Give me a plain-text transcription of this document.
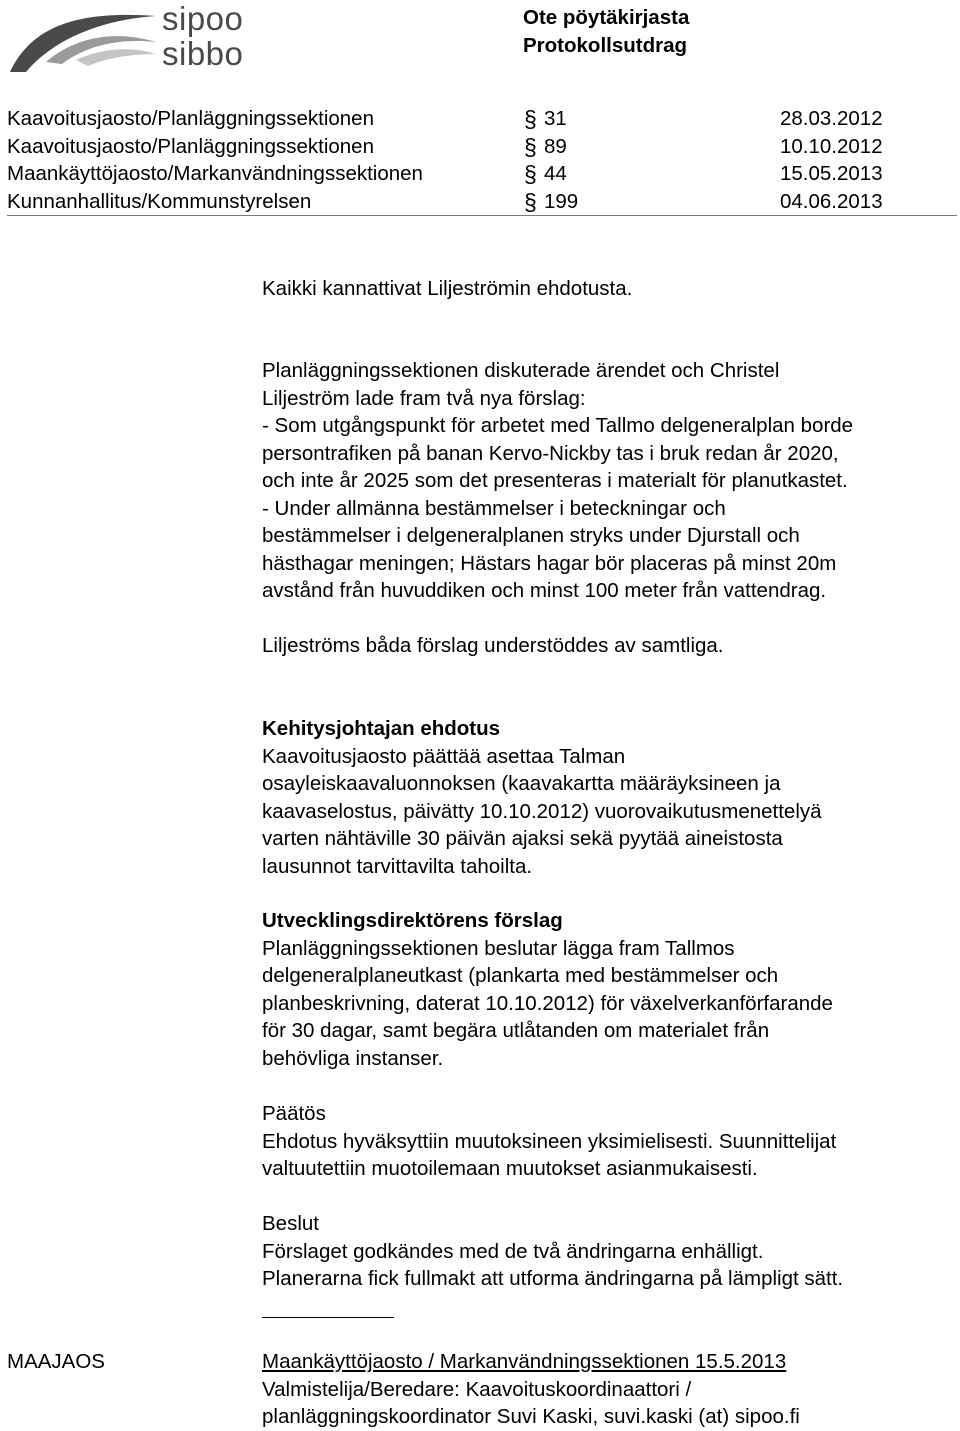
sipoo
sibbo
Ote pöytäkirjasta
Protokollsutdrag
Kaavoitusjaosto/Planläggningssektionen	§ 31	28.03.2012
Kaavoitusjaosto/Planläggningssektionen	§ 89	10.10.2012
Maankäyttöjaosto/Markanvändningssektionen	§ 44	15.05.2013
Kunnanhallitus/Kommunstyrelsen	§ 199	04.06.2013

Kaikki kannattivat Liljeströmin ehdotusta.

Planläggningssektionen diskuterade ärendet och Christel

Liljeström lade fram två nya förslag:

- Som utgångspunkt för arbetet med Tallmo delgeneralplan borde

persontrafiken på banan Kervo-Nickby tas i bruk redan år 2020,

och inte år 2025 som det presenteras i materialt för planutkastet.

- Under allmänna bestämmelser i beteckningar och

bestämmelser i delgeneralplanen stryks under Djurstall och

hästhagar meningen; Hästars hagar bör placeras på minst 20m

avstånd från huvuddiken och minst 100 meter från vattendrag.

Liljeströms båda förslag understöddes av samtliga.

Kehitysjohtajan ehdotus

Kaavoitusjaosto päättää asettaa Talman

osayleiskaavaluonnoksen (kaavakartta määräyksineen ja

kaavaselostus, päivätty 10.10.2012) vuorovaikutusmenettelyä

varten nähtäville 30 päivän ajaksi sekä pyytää aineistosta

lausunnot tarvittavilta tahoilta.

Utvecklingsdirektörens förslag

Planläggningssektionen beslutar lägga fram Tallmos

delgeneralplaneutkast (plankarta med bestämmelser och

planbeskrivning, daterat 10.10.2012) för växelverkanförfarande

för 30 dagar, samt begära utlåtanden om materialet från

behövliga instanser.

Päätös

Ehdotus hyväksyttiin muutoksineen yksimielisesti. Suunnittelijat

valtuutettiin muotoilemaan muutokset asianmukaisesti.

Beslut

Förslaget godkändes med de två ändringarna enhälligt.

Planerarna fick fullmakt att utforma ändringarna på lämpligt sätt.

MAAJAOS	Maankäyttöjaosto / Markanvändningssektionen 15.5.2013

Valmistelija/Beredare: Kaavoituskoordinaattori /

planläggningskoordinator Suvi Kaski, suvi.kaski (at) sipoo.fi
